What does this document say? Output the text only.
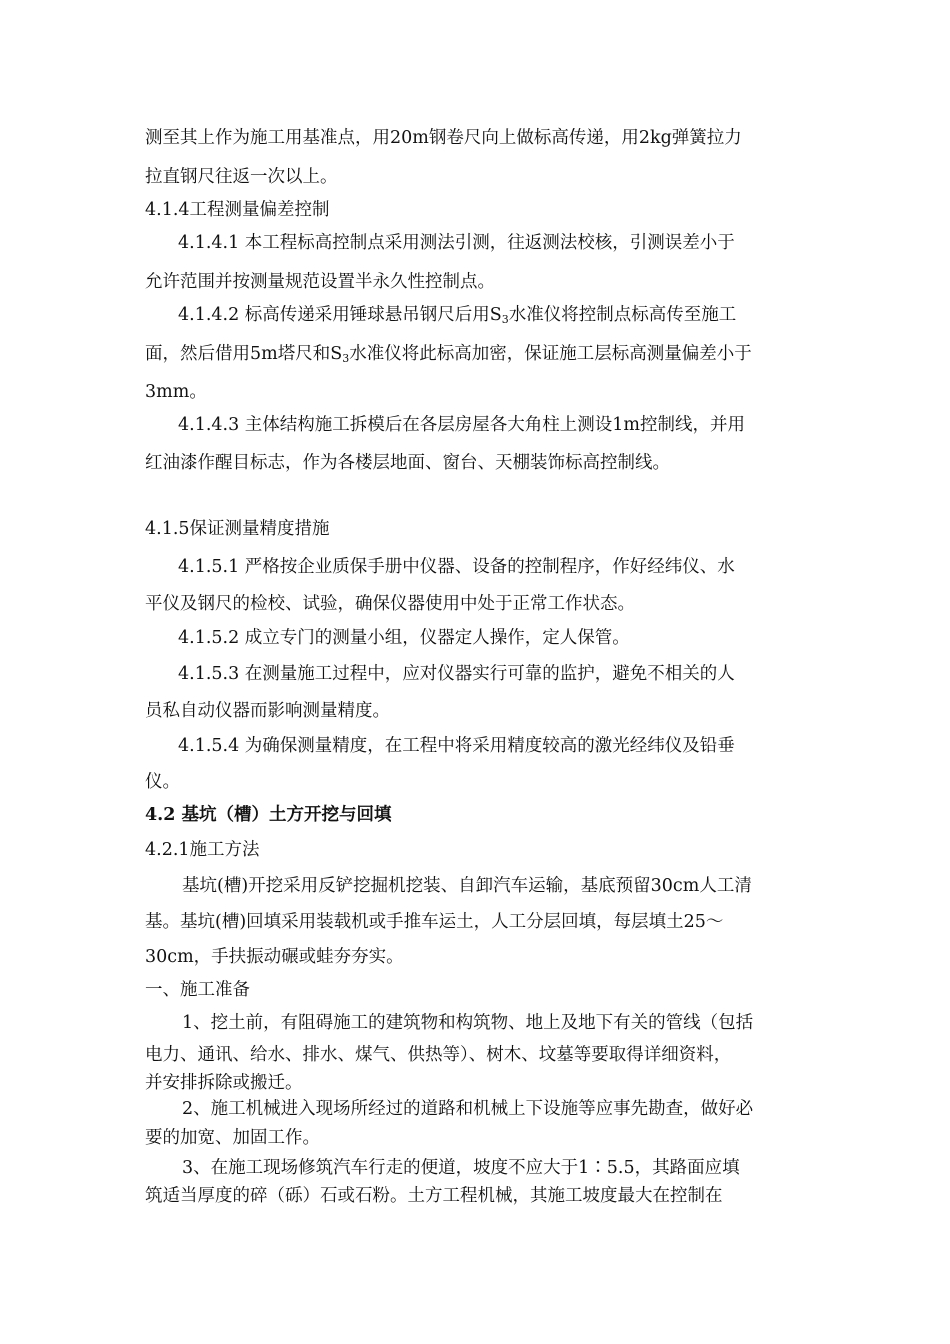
测至其上作为施工用基准点，用20m钢卷尺向上做标高传递，用2kg弹簧拉力
拉直钢尺往返一次以上。
4.1.4工程测量偏差控制
4.1.4.1 本工程标高控制点采用测法引测，往返测法校核，引测误差小于
允许范围并按测量规范设置半永久性控制点。
4.1.4.2 标高传递采用锤球悬吊钢尺后用$S_3$水准仪将控制点标高传至施工
面，然后借用5m塔尺和$S_3$水准仪将此标高加密，保证施工层标高测量偏差小于
3mm。
4.1.4.3 主体结构施工拆模后在各层房屋各大角柱上测设1m控制线，并用
红油漆作醒目标志，作为各楼层地面、窗台、天棚装饰标高控制线。
4.1.5保证测量精度措施
4.1.5.1 严格按企业质保手册中仪器、设备的控制程序，作好经纬仪、水
平仪及钢尺的检校、试验，确保仪器使用中处于正常工作状态。
4.1.5.2 成立专门的测量小组，仪器定人操作，定人保管。
4.1.5.3 在测量施工过程中，应对仪器实行可靠的监护，避免不相关的人
员私自动仪器而影响测量精度。
4.1.5.4 为确保测量精度，在工程中将采用精度较高的激光经纬仪及铅垂
仪。
4.2 基坑（槽）土方开挖与回填
4.2.1施工方法
基坑(槽)开挖采用反铲挖掘机挖装、自卸汽车运输，基底预留30cm人工清
基。基坑(槽)回填采用装载机或手推车运土，人工分层回填，每层填土25～
30cm，手扶振动碾或蛙夯夯实。
一、施工准备
1、挖土前，有阻碍施工的建筑物和构筑物、地上及地下有关的管线（包括
电力、通讯、给水、排水、煤气、供热等）、树木、坟墓等要取得详细资料，
并安排拆除或搬迁。
2、施工机械进入现场所经过的道路和机械上下设施等应事先勘查，做好必
要的加宽、加固工作。
3、在施工现场修筑汽车行走的便道，坡度不应大于1∶5.5，其路面应填
筑适当厚度的碎（砾）石或石粉。土方工程机械，其施工坡度最大在控制在
